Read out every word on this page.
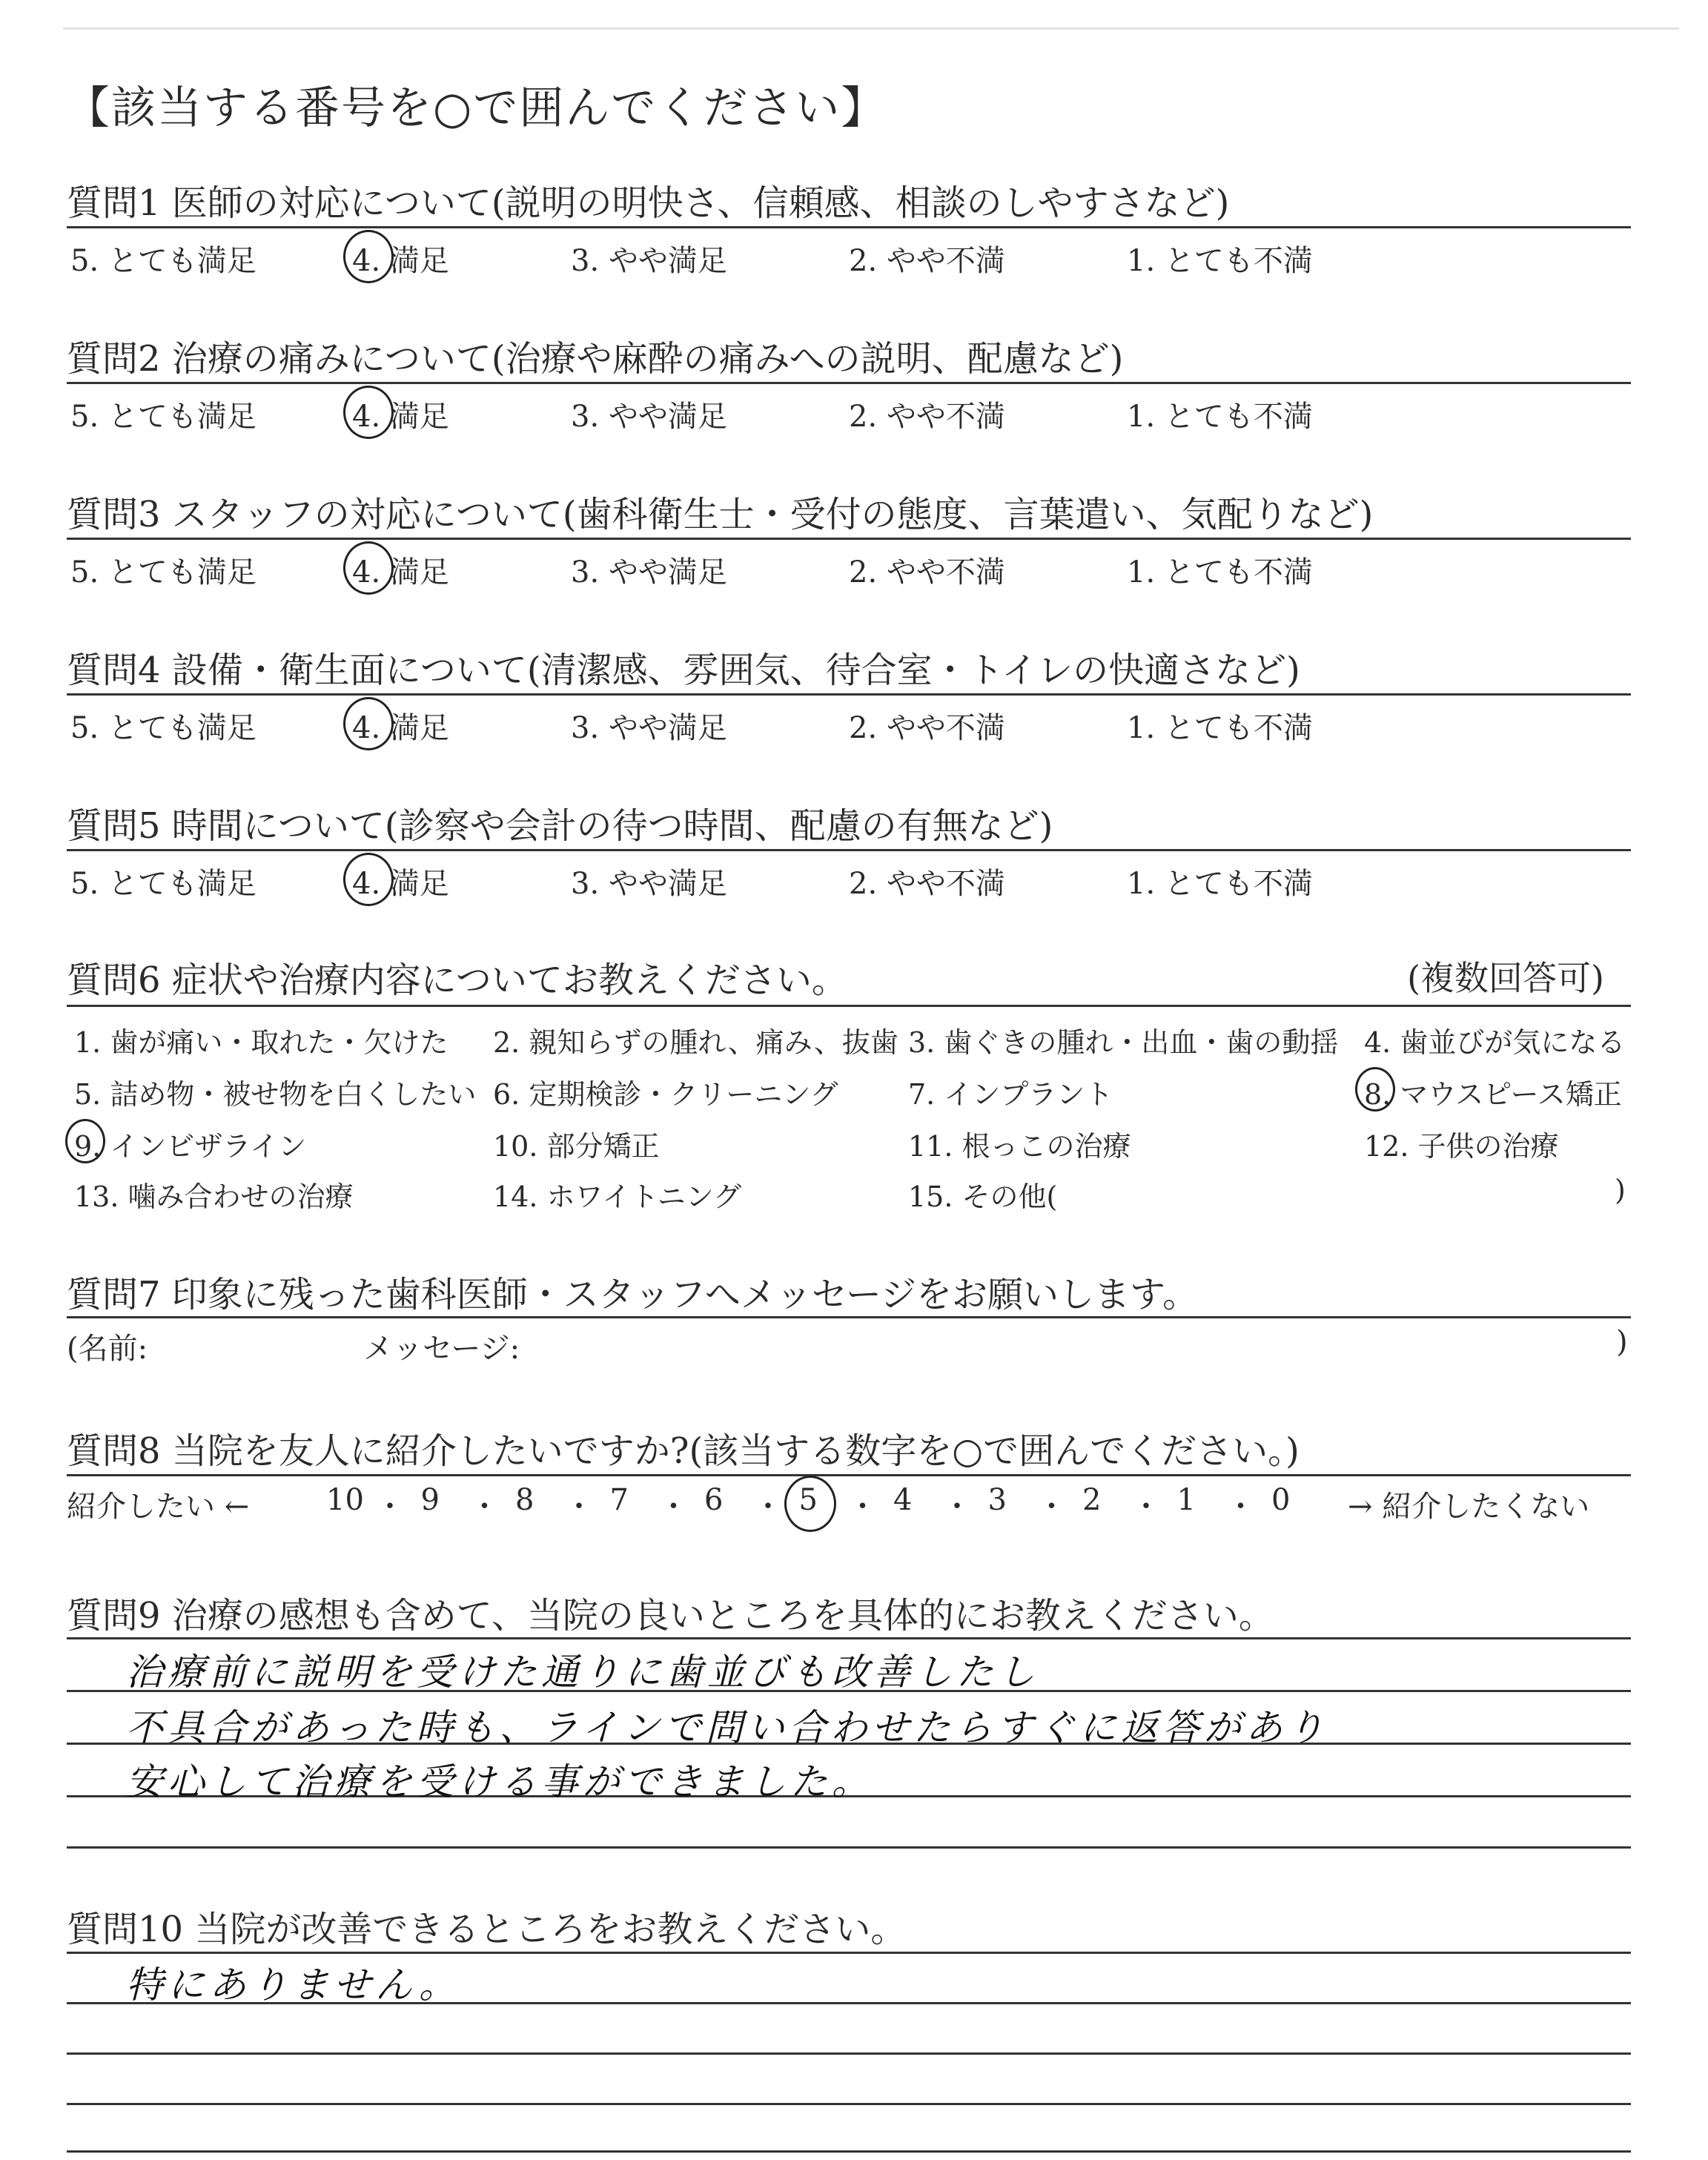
【該当する番号を○で囲んでください】
質問1 医師の対応について(説明の明快さ、信頼感、相談のしやすさなど)
5. とても満足	4. 満足	3. やや満足	2. やや不満	1. とても不満
質問2 治療の痛みについて(治療や麻酔の痛みへの説明、配慮など)
5. とても満足	4. 満足	3. やや満足	2. やや不満	1. とても不満
質問3 スタッフの対応について(歯科衛生士・受付の態度、言葉遣い、気配りなど)
5. とても満足	4. 満足	3. やや満足	2. やや不満	1. とても不満
質問4 設備・衛生面について(清潔感、雰囲気、待合室・トイレの快適さなど)
5. とても満足	4. 満足	3. やや満足	2. やや不満	1. とても不満
質問5 時間について(診察や会計の待つ時間、配慮の有無など)
5. とても満足	4. 満足	3. やや満足	2. やや不満	1. とても不満
質問6 症状や治療内容についてお教えください。	(複数回答可)
1. 歯が痛い・取れた・欠けた 2. 親知らずの腫れ、痛み、抜歯 3. 歯ぐきの腫れ・出血・歯の動揺 4. 歯並びが気になる
5. 詰め物・被せ物を白くしたい 6. 定期検診・クリーニング 7. インプラント	8. マウスピース矯正
9. インビザライン	10. 部分矯正	11. 根っこの治療	12. 子供の治療
13. 噛み合わせの治療	14. ホワイトニング	15. その他(	)
質問7 印象に残った歯科医師・スタッフへメッセージをお願いします。
(名前:	メッセージ:	)
質問8 当院を友人に紹介したいですか?(該当する数字を○で囲んでください。)
紹介したい ←	→ 紹介したくない
10 ・ 9 ・ 8 ・ 7 ・ 6 ・ 5 ・ 4 ・ 3 ・ 2 ・ 1 ・ 0
質問9 治療の感想も含めて、当院の良いところを具体的にお教えください。
治療前に説明を受けた通りに歯並びも改善したし
不具合があった時も、ラインで問い合わせたらすぐに返答があり
安心して治療を受ける事ができました。
質問10 当院が改善できるところをお教えください。
特にありません。
